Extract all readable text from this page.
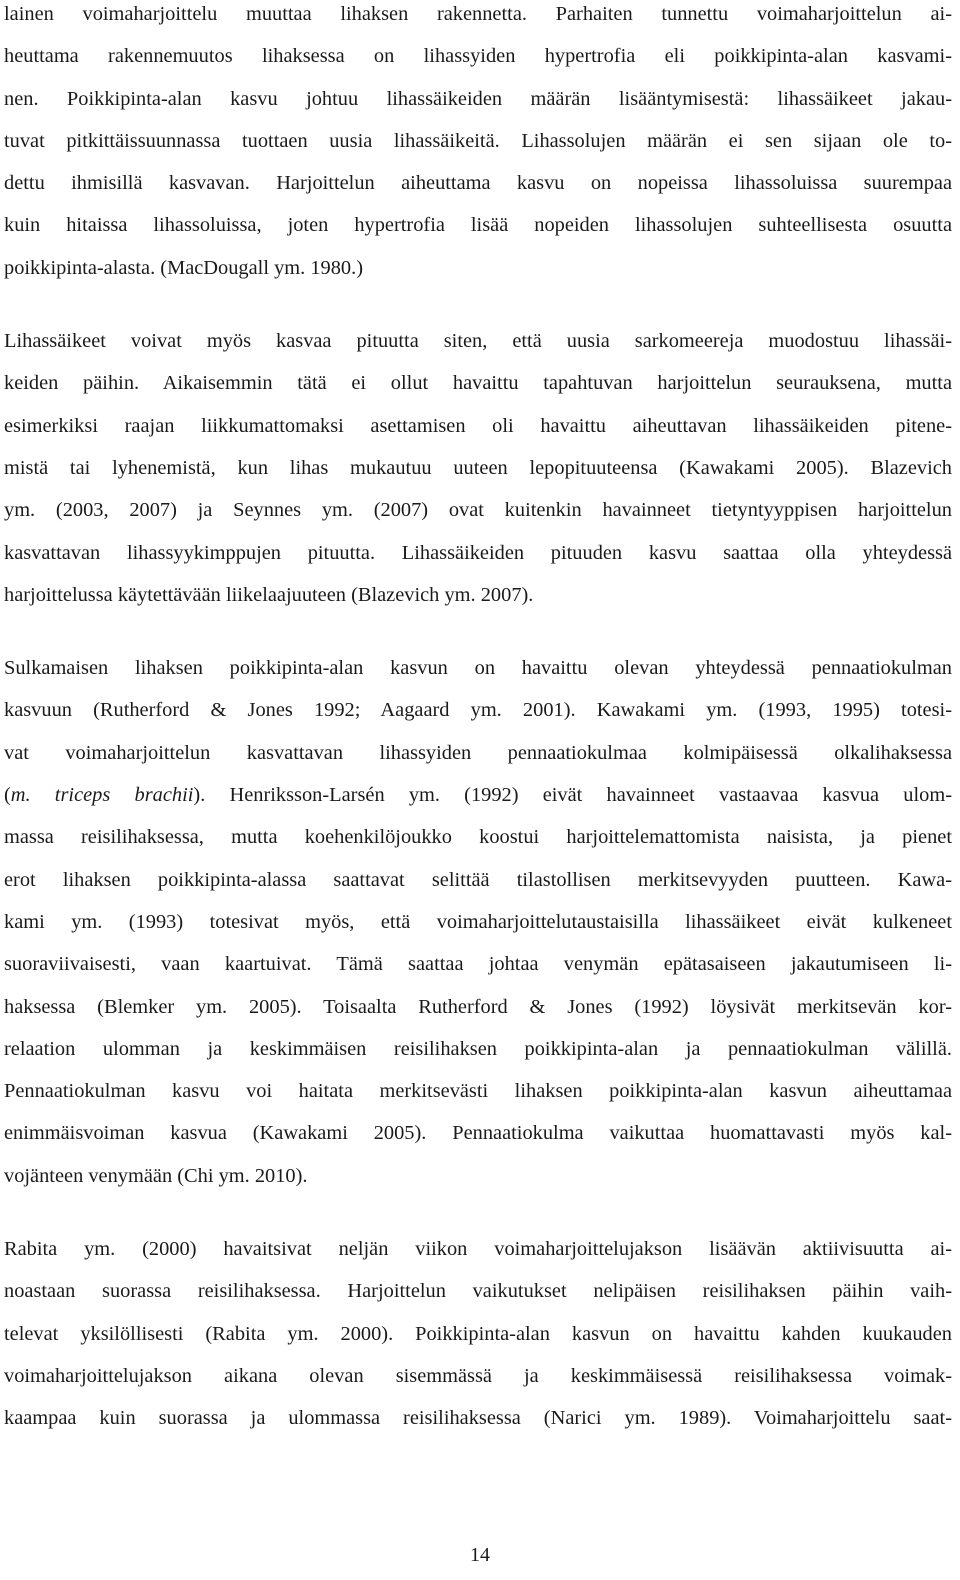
lainen voimaharjoittelu muuttaa lihaksen rakennetta. Parhaiten tunnettu voimaharjoittelun ai-
heuttama rakennemuutos lihaksessa on lihassyiden hypertrofia eli poikkipinta-alan kasvami-
nen. Poikkipinta-alan kasvu johtuu lihassäikeiden määrän lisääntymisestä: lihassäikeet jakau-
tuvat pitkittäissuunnassa tuottaen uusia lihassäikeitä. Lihassolujen määrän ei sen sijaan ole to-
dettu ihmisillä kasvavan. Harjoittelun aiheuttama kasvu on nopeissa lihassoluissa suurempaa
kuin hitaissa lihassoluissa, joten hypertrofia lisää nopeiden lihassolujen suhteellisesta osuutta
poikkipinta-alasta. (MacDougall ym. 1980.)

Lihassäikeet voivat myös kasvaa pituutta siten, että uusia sarkomeereja muodostuu lihassäi-
keiden päihin. Aikaisemmin tätä ei ollut havaittu tapahtuvan harjoittelun seurauksena, mutta
esimerkiksi raajan liikkumattomaksi asettamisen oli havaittu aiheuttavan lihassäikeiden pitene-
mistä tai lyhenemistä, kun lihas mukautuu uuteen lepopituuteensa (Kawakami 2005). Blazevich
ym. (2003, 2007) ja Seynnes ym. (2007) ovat kuitenkin havainneet tietyntyyppisen harjoittelun
kasvattavan lihassyykimppujen pituutta. Lihassäikeiden pituuden kasvu saattaa olla yhteydessä
harjoittelussa käytettävään liikelaajuuteen (Blazevich ym. 2007).

Sulkamaisen lihaksen poikkipinta-alan kasvun on havaittu olevan yhteydessä pennaatiokulman
kasvuun (Rutherford & Jones 1992; Aagaard ym. 2001). Kawakami ym. (1993, 1995) totesi-
vat voimaharjoittelun kasvattavan lihassyiden pennaatiokulmaa kolmipäisessä olkalihaksessa
(m. triceps brachii). Henriksson-Larsén ym. (1992) eivät havainneet vastaavaa kasvua ulom-
massa reisilihaksessa, mutta koehenkilöjoukko koostui harjoittelemattomista naisista, ja pienet
erot lihaksen poikkipinta-alassa saattavat selittää tilastollisen merkitsevyyden puutteen. Kawa-
kami ym. (1993) totesivat myös, että voimaharjoittelutaustaisilla lihassäikeet eivät kulkeneet
suoraviivaisesti, vaan kaartuivat. Tämä saattaa johtaa venymän epätasaiseen jakautumiseen li-
haksessa (Blemker ym. 2005). Toisaalta Rutherford & Jones (1992) löysivät merkitsevän kor-
relaation ulomman ja keskimmäisen reisilihaksen poikkipinta-alan ja pennaatiokulman välillä.
Pennaatiokulman kasvu voi haitata merkitsevästi lihaksen poikkipinta-alan kasvun aiheuttamaa
enimmäisvoiman kasvua (Kawakami 2005). Pennaatiokulma vaikuttaa huomattavasti myös kal-
vojänteen venymään (Chi ym. 2010).

Rabita ym. (2000) havaitsivat neljän viikon voimaharjoittelujakson lisäävän aktiivisuutta ai-
noastaan suorassa reisilihaksessa. Harjoittelun vaikutukset nelipäisen reisilihaksen päihin vaih-
televat yksilöllisesti (Rabita ym. 2000). Poikkipinta-alan kasvun on havaittu kahden kuukauden
voimaharjoittelujakson aikana olevan sisemmässä ja keskimmäisessä reisilihaksessa voimak-
kaampaa kuin suorassa ja ulommassa reisilihaksessa (Narici ym. 1989). Voimaharjoittelu saat-

14
